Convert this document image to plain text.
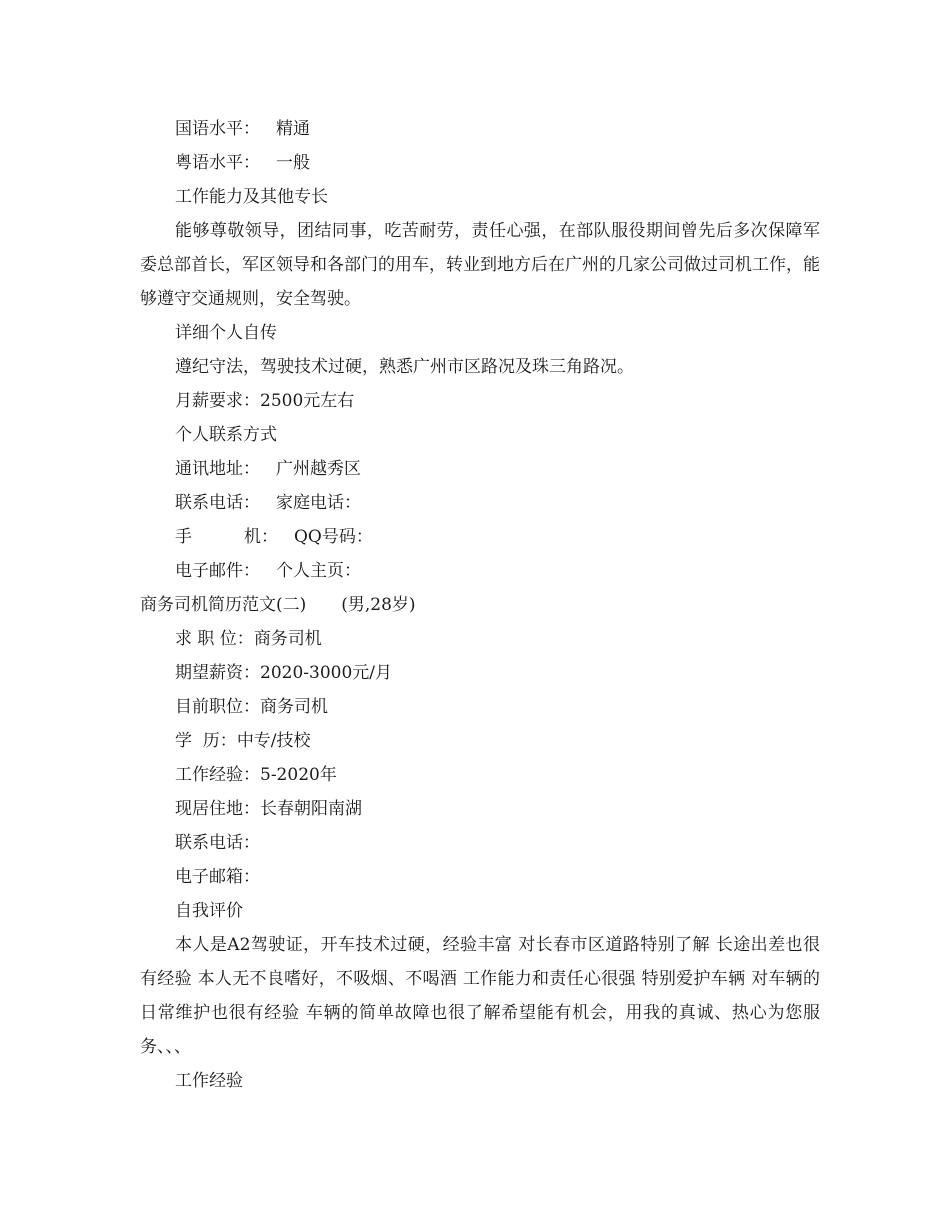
国语水平： 精通
粤语水平： 一般
工作能力及其他专长
能够尊敬领导，团结同事，吃苦耐劳，责任心强，在部队服役期间曾先后多次保障军委总部首长，军区领导和各部门的用车，转业到地方后在广州的几家公司做过司机工作，能够遵守交通规则，安全驾驶。
详细个人自传
遵纪守法，驾驶技术过硬，熟悉广州市区路况及珠三角路况。
月薪要求：2500元左右
个人联系方式
通讯地址： 广州越秀区
联系电话： 家庭电话：
手	机： QQ号码：
电子邮件： 个人主页：
商务司机简历范文(二) (男,28岁)
求 职 位：商务司机
期望薪资：2020-3000元/月
目前职位：商务司机
学  历：中专/技校
工作经验：5-2020年
现居住地：长春朝阳南湖
联系电话：
电子邮箱：
自我评价
本人是A2驾驶证，开车技术过硬，经验丰富 对长春市区道路特别了解 长途出差也很有经验 本人无不良嗜好，不吸烟、不喝酒 工作能力和责任心很强 特别爱护车辆 对车辆的日常维护也很有经验 车辆的简单故障也很了解希望能有机会，用我的真诚、热心为您服务、、、
工作经验
